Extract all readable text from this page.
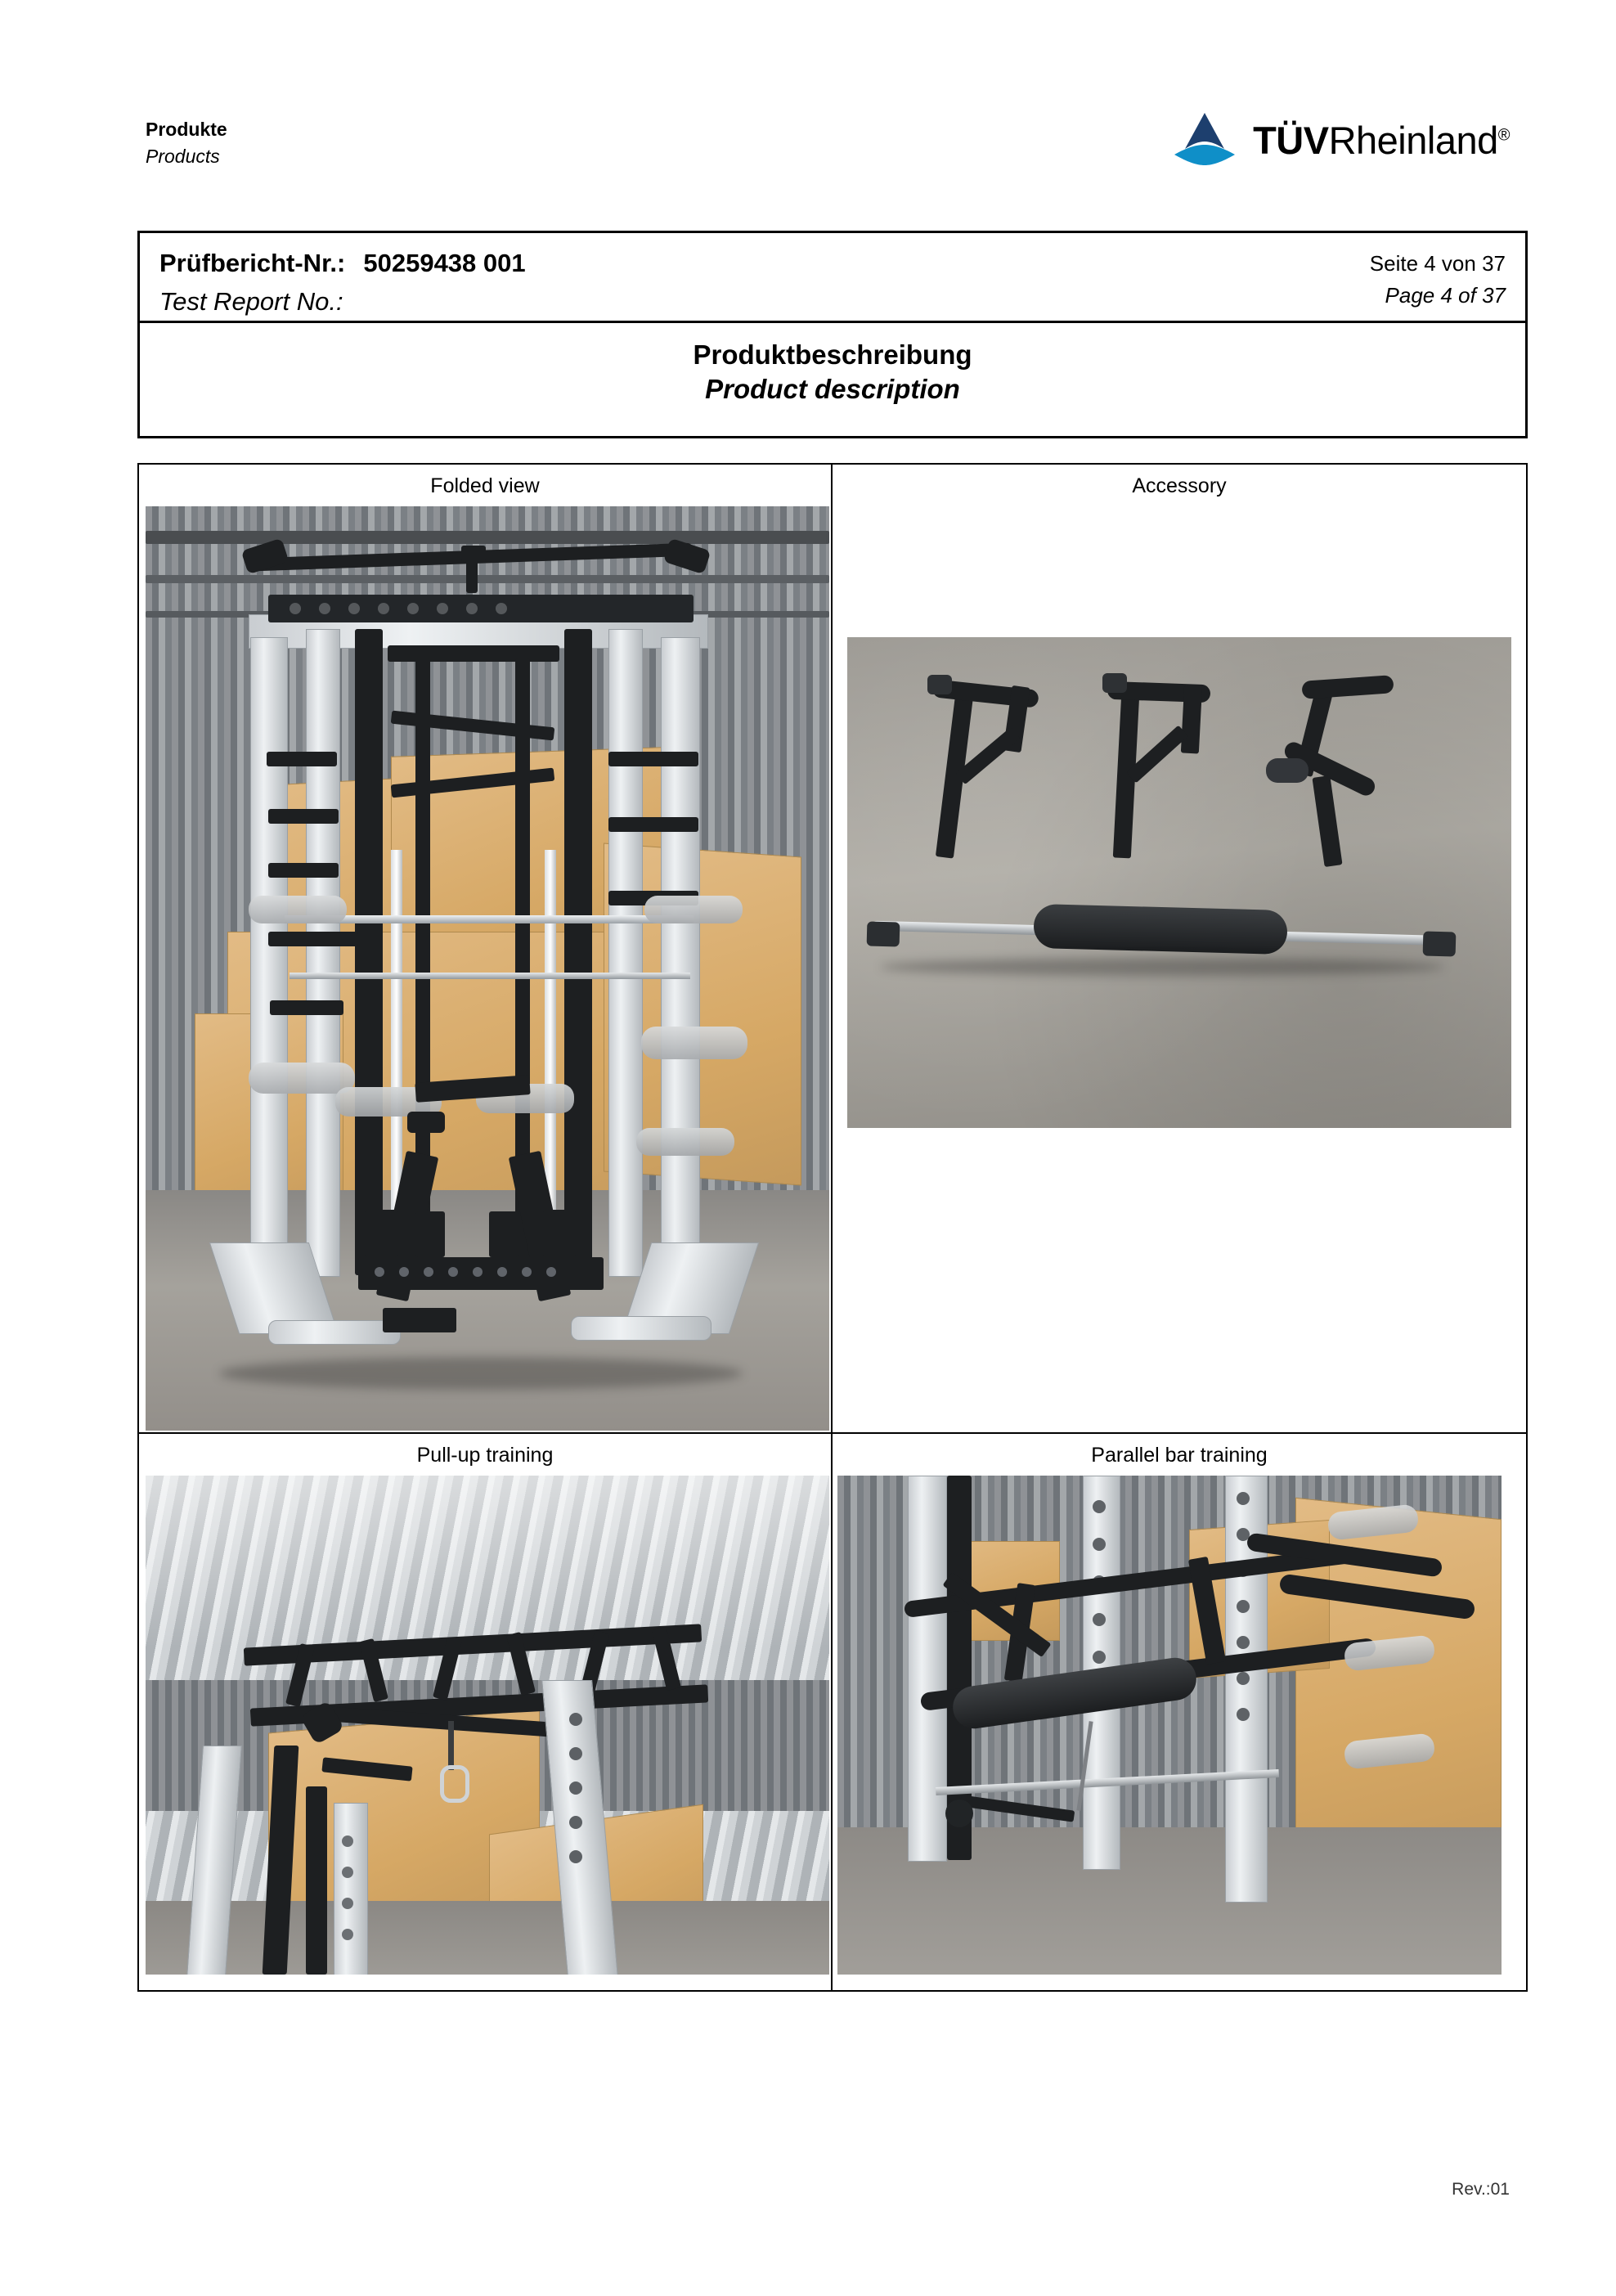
Produkte
Products	TÜVRheinland®
Prüfbericht-Nr.: 50259438 001
Test Report No.:
Seite 4 von 37
Page 4 of 37
Produktbeschreibung
Product description
Folded view	Accessory
Pull-up training	Parallel bar training
Rev.:01
